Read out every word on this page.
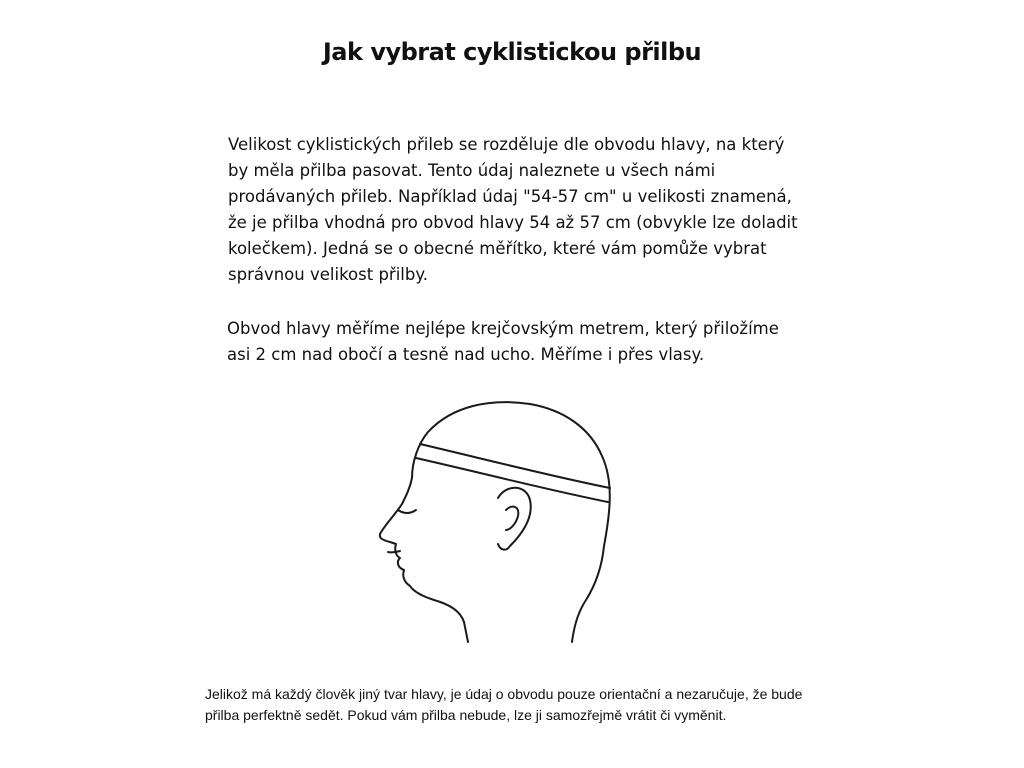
Jak vybrat cyklistickou přilbu

Velikost cyklistických přileb se rozděluje dle obvodu hlavy, na který
by měla přilba pasovat. Tento údaj naleznete u všech námi
prodávaných přileb. Například údaj "54-57 cm" u velikosti znamená,
že je přilba vhodná pro obvod hlavy 54 až 57 cm (obvykle lze doladit
kolečkem). Jedná se o obecné měřítko, které vám pomůže vybrat
správnou velikost přilby.

Obvod hlavy měříme nejlépe krejčovským metrem, který přiložíme
asi 2 cm nad obočí a tesně nad ucho. Měříme i přes vlasy.

Jelikož má každý člověk jiný tvar hlavy, je údaj o obvodu pouze orientační a nezaručuje, že bude
přilba perfektně sedět. Pokud vám přilba nebude, lze ji samozřejmě vrátit či vyměnit.
